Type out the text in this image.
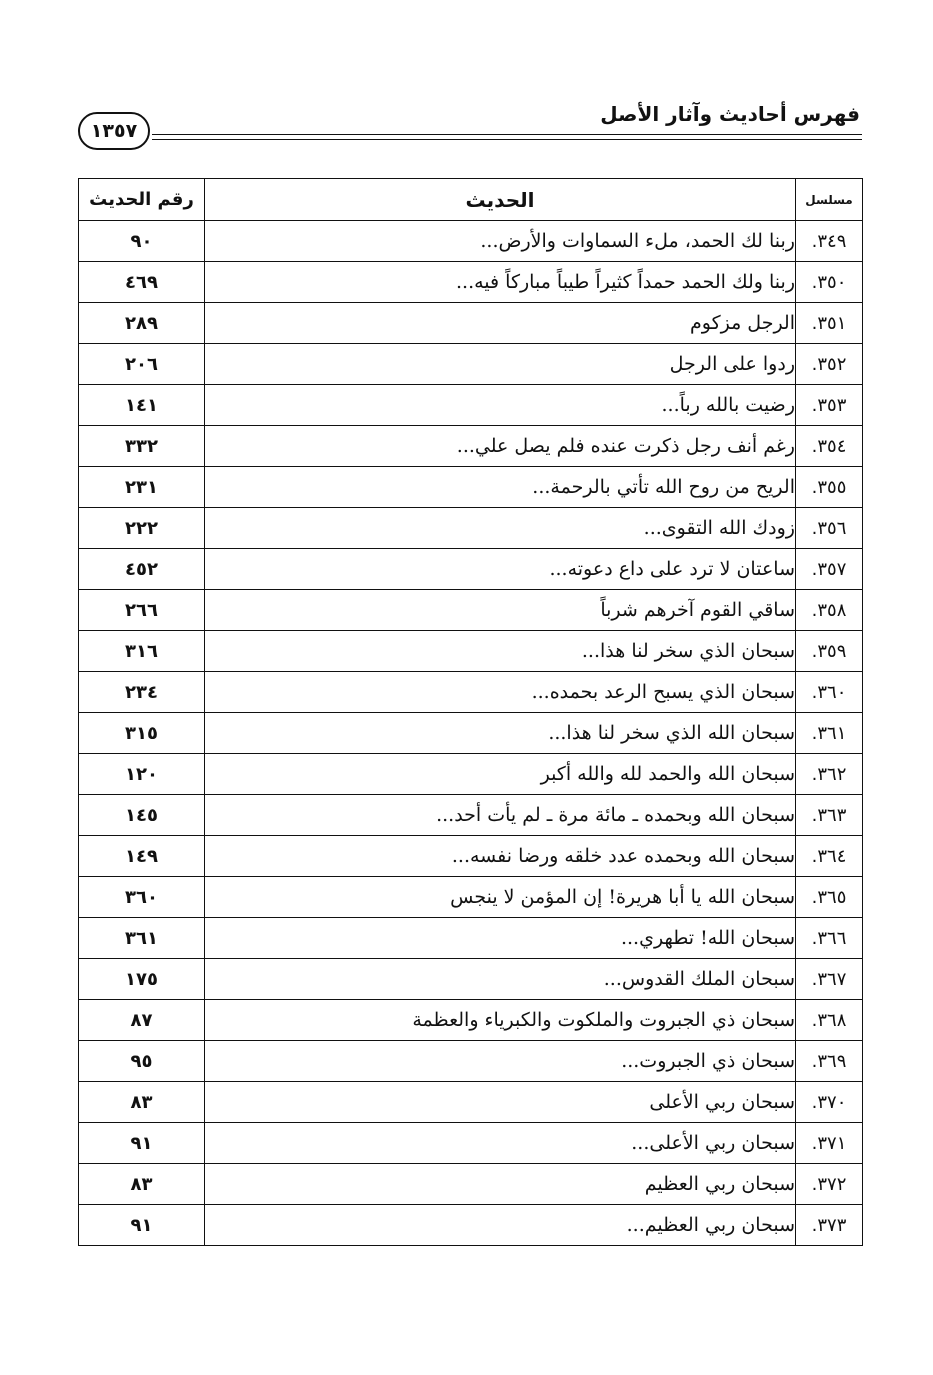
١٣٥٧
فهرس أحاديث وآثار الأصل
مسلسل	الحديث	رقم الحديث
٣٤٩.	ربنا لك الحمد، ملء السماوات والأرض...	٩٠
٣٥٠.	ربنا ولك الحمد حمداً كثيراً طيباً مباركاً فيه...	٤٦٩
٣٥١.	الرجل مزكوم	٢٨٩
٣٥٢.	ردوا على الرجل	٢٠٦
٣٥٣.	رضيت بالله رباً...	١٤١
٣٥٤.	رغم أنف رجل ذكرت عنده فلم يصل علي...	٣٣٢
٣٥٥.	الريح من روح الله تأتي بالرحمة...	٢٣١
٣٥٦.	زودك الله التقوى...	٢٢٢
٣٥٧.	ساعتان لا ترد على داع دعوته...	٤٥٢
٣٥٨.	ساقي القوم آخرهم شرباً	٢٦٦
٣٥٩.	سبحان الذي سخر لنا هذا...	٣١٦
٣٦٠.	سبحان الذي يسبح الرعد بحمده...	٢٣٤
٣٦١.	سبحان الله الذي سخر لنا هذا...	٣١٥
٣٦٢.	سبحان الله والحمد لله والله أكبر	١٢٠
٣٦٣.	سبحان الله وبحمده ـ مائة مرة ـ لم يأت أحد...	١٤٥
٣٦٤.	سبحان الله وبحمده عدد خلقه ورضا نفسه...	١٤٩
٣٦٥.	سبحان الله يا أبا هريرة! إن المؤمن لا ينجس	٣٦٠
٣٦٦.	سبحان الله! تطهري...	٣٦١
٣٦٧.	سبحان الملك القدوس...	١٧٥
٣٦٨.	سبحان ذي الجبروت والملكوت والكبرياء والعظمة	٨٧
٣٦٩.	سبحان ذي الجبروت...	٩٥
٣٧٠.	سبحان ربي الأعلى	٨٣
٣٧١.	سبحان ربي الأعلى...	٩١
٣٧٢.	سبحان ربي العظيم	٨٣
٣٧٣.	سبحان ربي العظيم...	٩١
